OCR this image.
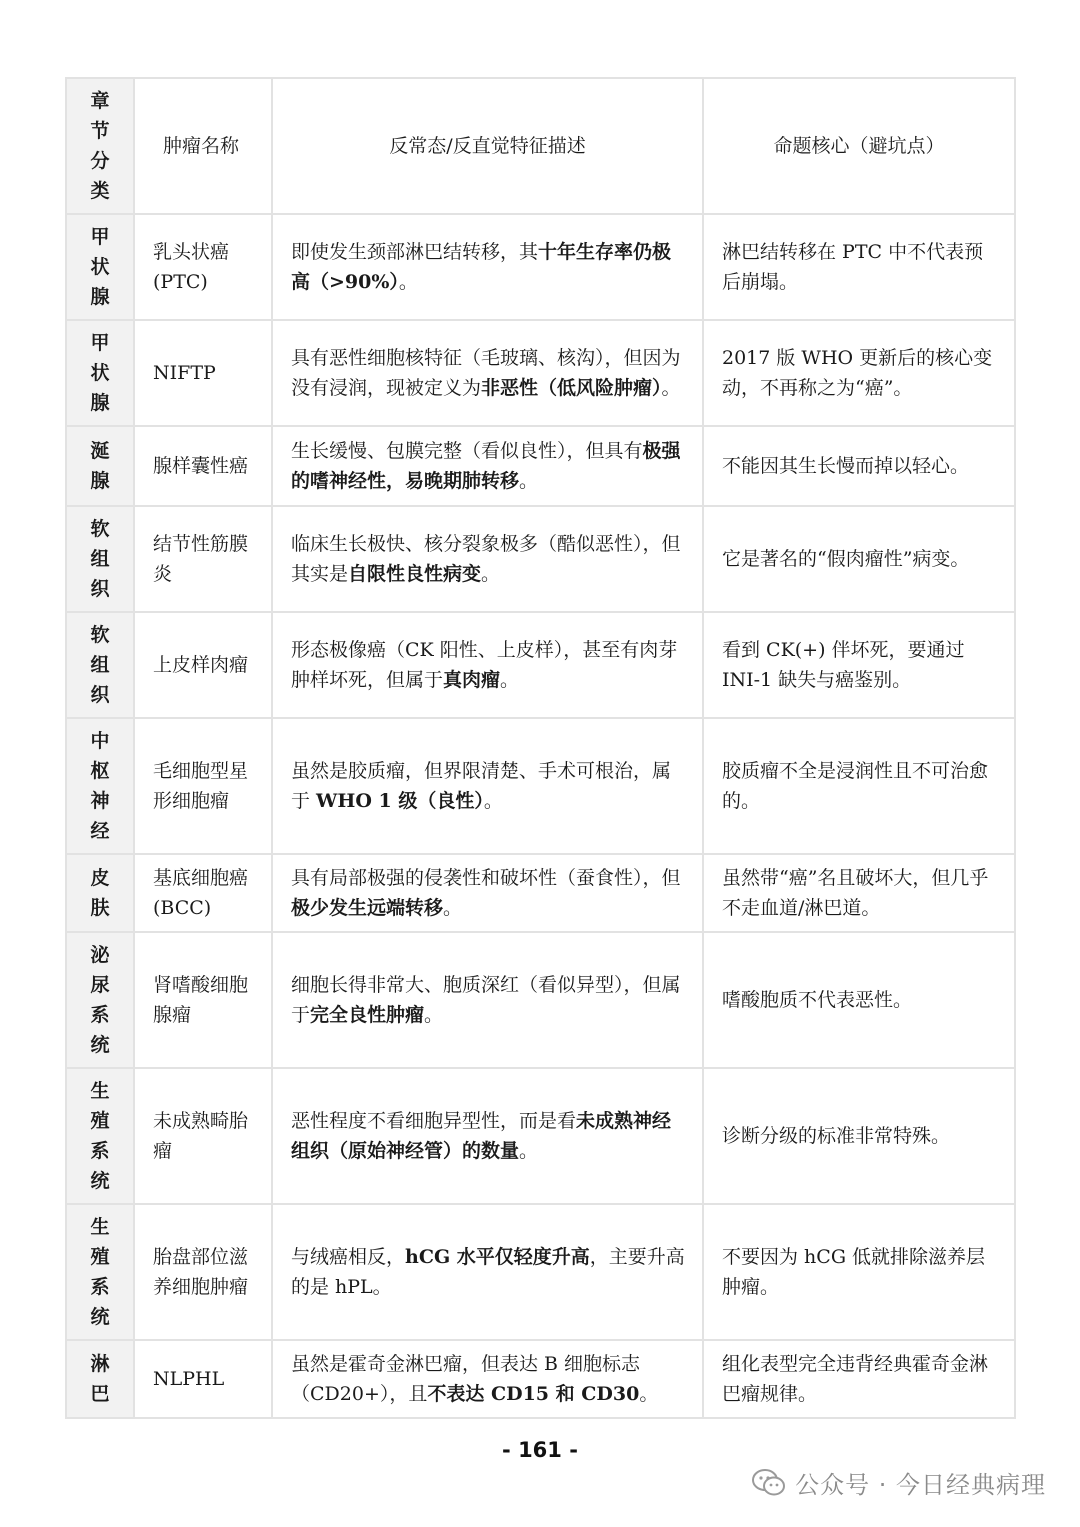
章节分类	肿瘤名称	反常态/反直觉特征描述	命题核心（避坑点）

甲状腺	乳头状癌(PTC)	即使发生颈部淋巴结转移，其十年生存率仍极高（>90%）。	淋巴结转移在 PTC 中不代表预后崩塌。

甲状腺	NIFTP	具有恶性细胞核特征（毛玻璃、核沟），但因为没有浸润，现被定义为非恶性（低风险肿瘤）。	2017 版 WHO 更新后的核心变动，不再称之为“癌”。

涎腺	腺样囊性癌	生长缓慢、包膜完整（看似良性），但具有极强的嗜神经性，易晚期肺转移。	不能因其生长慢而掉以轻心。

软组织	结节性筋膜炎	临床生长极快、核分裂象极多（酷似恶性），但其实是自限性良性病变。	它是著名的“假肉瘤性”病变。

软组织	上皮样肉瘤	形态极像癌（CK 阳性、上皮样），甚至有肉芽肿样坏死，但属于真肉瘤。	看到 CK(+) 伴坏死，要通过 INI-1 缺失与癌鉴别。

中枢神经	毛细胞型星形细胞瘤	虽然是胶质瘤，但界限清楚、手术可根治，属于 WHO 1 级（良性）。	胶质瘤不全是浸润性且不可治愈的。

皮肤	基底细胞癌(BCC)	具有局部极强的侵袭性和破坏性（蚕食性），但极少发生远端转移。	虽然带“癌”名且破坏大，但几乎不走血道/淋巴道。

泌尿系统	肾嗜酸细胞腺瘤	细胞长得非常大、胞质深红（看似异型），但属于完全良性肿瘤。	嗜酸胞质不代表恶性。

生殖系统	未成熟畸胎瘤	恶性程度不看细胞异型性，而是看未成熟神经组织（原始神经管）的数量。	诊断分级的标准非常特殊。

生殖系统	胎盘部位滋养细胞肿瘤	与绒癌相反，hCG 水平仅轻度升高，主要升高的是 hPL。	不要因为 hCG 低就排除滋养层肿瘤。

淋巴	NLPHL	虽然是霍奇金淋巴瘤，但表达 B 细胞标志（CD20+），且不表达 CD15 和 CD30。	组化表型完全违背经典霍奇金淋巴瘤规律。
- 161 -
公众号 · 今日经典病理
